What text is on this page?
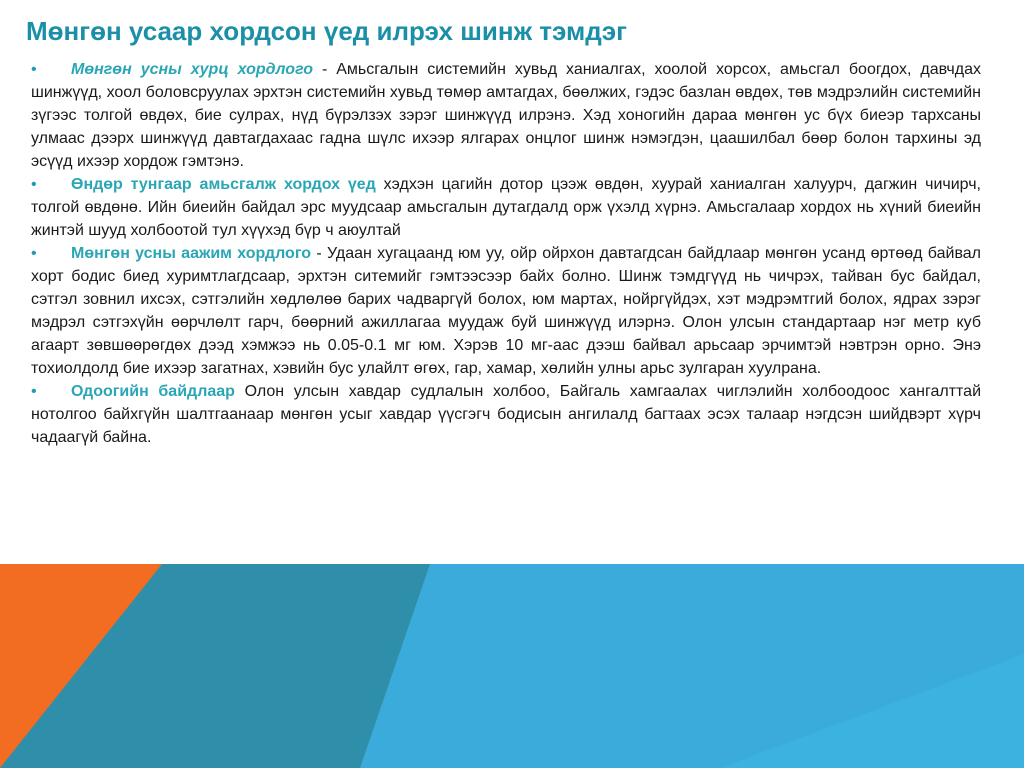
Мөнгөн усаар хордсон үед илрэх шинж тэмдэг

• Мөнгөн усны хурц хордлого - Амьсгалын системийн хувьд ханиалгах, хоолой хорсох, амьсгал боогдох, давчдах шинжүүд, хоол боловсруулах эрхтэн системийн хувьд төмөр амтагдах, бөөлжих, гэдэс базлан өвдөх, төв мэдрэлийн системийн зүгээс толгой өвдөх, бие сулрах, нүд бүрэлзэх зэрэг шинжүүд илрэнэ. Хэд хоногийн дараа мөнгөн ус бүх биеэр тархсаны улмаас дээрх шинжүүд давтагдахаас гадна шүлс ихээр ялгарах онцлог шинж нэмэгдэн, цаашилбал бөөр болон тархины эд эсүүд ихээр хордож гэмтэнэ.

• Өндөр тунгаар амьсгалж хордох үед хэдхэн цагийн дотор цээж өвдөн, хуурай ханиалган халуурч, дагжин чичирч, толгой өвдөнө. Ийн биеийн байдал эрс муудсаар амьсгалын дутагдалд орж үхэлд хүрнэ. Амьсгалаар хордох нь хүний биеийн жинтэй шууд холбоотой тул хүүхэд бүр ч аюултай

• Мөнгөн усны аажим хордлого - Удаан хугацаанд юм уу, ойр ойрхон давтагдсан байдлаар мөнгөн усанд өртөөд байвал хорт бодис биед хуримтлагдсаар, эрхтэн ситемийг гэмтээсээр байх болно. Шинж тэмдгүүд нь чичрэх, тайван бус байдал, сэтгэл зовнил ихсэх, сэтгэлийн хөдлөлөө барих чадваргүй болох, юм мартах, нойргүйдэх, хэт мэдрэмтгий болох, ядрах зэрэг мэдрэл сэтгэхүйн өөрчлөлт гарч, бөөрний ажиллагаа муудаж буй шинжүүд илэрнэ. Олон улсын стандартаар нэг метр куб агаарт зөвшөөрөгдөх дээд хэмжээ нь 0.05-0.1 мг юм. Хэрэв 10 мг-аас дээш байвал арьсаар эрчимтэй нэвтрэн орно. Энэ тохиолдолд бие ихээр загатнах, хэвийн бус улайлт өгөх, гар, хамар, хөлийн улны арьс зулгаран хуулрана.

• Одоогийн байдлаар Олон улсын хавдар судлалын холбоо, Байгаль хамгаалах чиглэлийн холбоодоос хангалттай нотолгоо байхгүйн шалтгаанаар мөнгөн усыг хавдар үүсгэгч бодисын ангилалд багтаах эсэх талаар нэгдсэн шийдвэрт хүрч чадаагүй байна.
